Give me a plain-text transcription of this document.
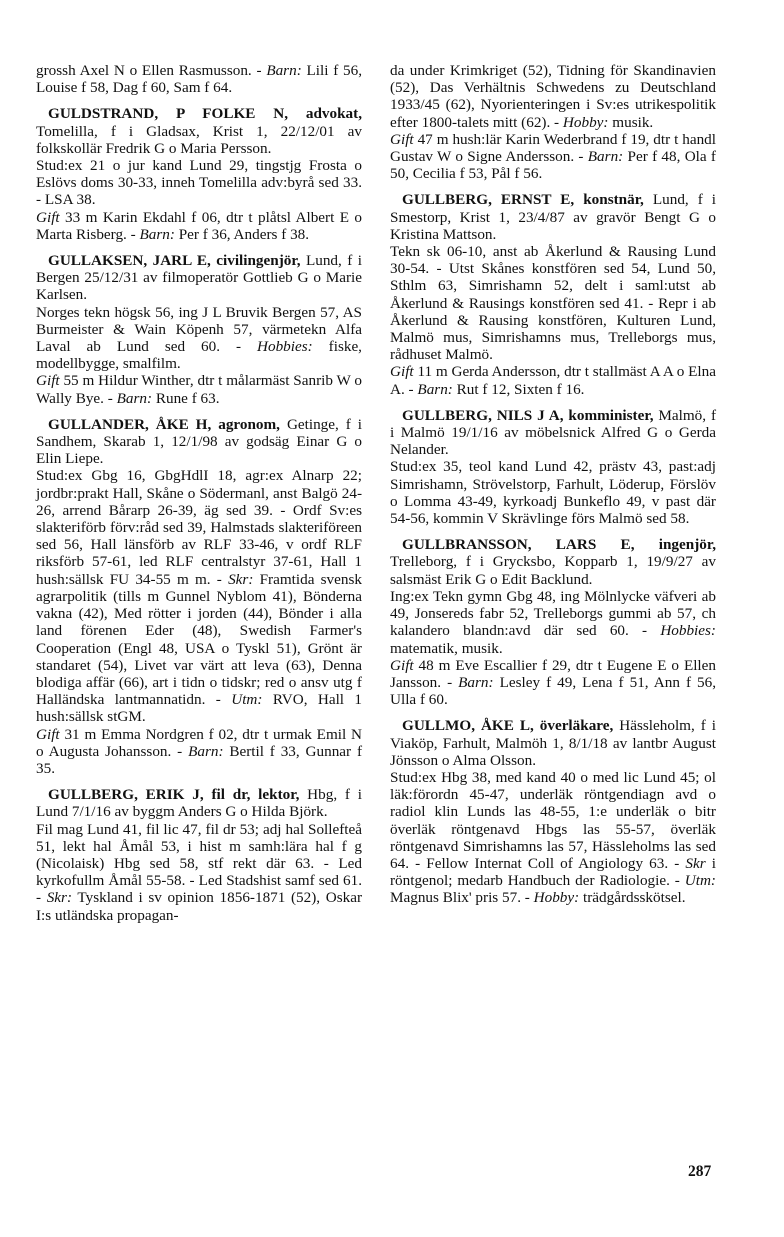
grossh Axel N o Ellen Rasmusson. - Barn: Lili f 56, Louise f 58, Dag f 60, Sam f 64.

GULDSTRAND, P FOLKE N, advokat, Tomelilla, f i Gladsax, Krist 1, 22/12/01 av folkskollär Fredrik G o Maria Persson.

Stud:ex 21 o jur kand Lund 29, tingstjg Frosta o Eslövs doms 30-33, inneh Tomelilla adv:byrå sed 33. - LSA 38.

Gift 33 m Karin Ekdahl f 06, dtr t plåtsl Albert E o Marta Risberg. - Barn: Per f 36, Anders f 38.

GULLAKSEN, JARL E, civilingenjör, Lund, f i Bergen 25/12/31 av filmoperatör Gottlieb G o Marie Karlsen.

Norges tekn högsk 56, ing J L Bruvik Bergen 57, AS Burmeister & Wain Köpenh 57, värmetekn Alfa Laval ab Lund sed 60. - Hobbies: fiske, modellbygge, smalfilm.

Gift 55 m Hildur Winther, dtr t målarmäst Sanrib W o Wally Bye. - Barn: Rune f 63.

GULLANDER, ÅKE H, agronom, Getinge, f i Sandhem, Skarab 1, 12/1/98 av godsäg Einar G o Elin Liepe.

Stud:ex Gbg 16, GbgHdlI 18, agr:ex Alnarp 22; jordbr:prakt Hall, Skåne o Södermanl, anst Balgö 24-26, arrend Bårarp 26-39, äg sed 39. - Ordf Sv:es slakteriförb förv:råd sed 39, Halmstads slakteriföreen sed 56, Hall länsförb av RLF 33-46, v ordf RLF riksförb 57-61, led RLF centralstyr 37-61, Hall 1 hush:sällsk FU 34-55 m m. - Skr: Framtida svensk agrarpolitik (tills m Gunnel Nyblom 41), Bönderna vakna (42), Med rötter i jorden (44), Bönder i alla land förenen Eder (48), Swedish Farmer's Cooperation (Engl 48, USA o Tyskl 51), Grönt är standaret (54), Livet var värt att leva (63), Denna blodiga affär (66), art i tidn o tidskr; red o ansv utg f Halländska lantmannatidn. - Utm: RVO, Hall 1 hush:sällsk stGM.

Gift 31 m Emma Nordgren f 02, dtr t urmak Emil N o Augusta Johansson. - Barn: Bertil f 33, Gunnar f 35.

GULLBERG, ERIK J, fil dr, lektor, Hbg, f i Lund 7/1/16 av byggm Anders G o Hilda Björk.

Fil mag Lund 41, fil lic 47, fil dr 53; adj hal Sollefteå 51, lekt hal Åmål 53, i hist m samh:lära hal f g (Nicolaisk) Hbg sed 58, stf rekt där 63. - Led kyrkofullm Åmål 55-58. - Led Stadshist samf sed 61. - Skr: Tyskland i sv opinion 1856-1871 (52), Oskar I:s utländska propagan-

da under Krimkriget (52), Tidning för Skandinavien (52), Das Verhältnis Schwedens zu Deutschland 1933/45 (62), Nyorienteringen i Sv:es utrikespolitik efter 1800-talets mitt (62). - Hobby: musik.

Gift 47 m hush:lär Karin Wederbrand f 19, dtr t handl Gustav W o Signe Andersson. - Barn: Per f 48, Ola f 50, Cecilia f 53, Pål f 56.

GULLBERG, ERNST E, konstnär, Lund, f i Smestorp, Krist 1, 23/4/87 av gravör Bengt G o Kristina Mattson.

Tekn sk 06-10, anst ab Åkerlund & Rausing Lund 30-54. - Utst Skånes konstfören sed 54, Lund 50, Sthlm 63, Simrishamn 52, delt i saml:utst ab Åkerlund & Rausings konstfören sed 41. - Repr i ab Åkerlund & Rausing konstfören, Kulturen Lund, Malmö mus, Simrishamns mus, Trelleborgs mus, rådhuset Malmö.

Gift 11 m Gerda Andersson, dtr t stallmäst A A o Elna A. - Barn: Rut f 12, Sixten f 16.

GULLBERG, NILS J A, komminister, Malmö, f i Malmö 19/1/16 av möbelsnick Alfred G o Gerda Nelander.

Stud:ex 35, teol kand Lund 42, prästv 43, past:adj Simrishamn, Strövelstorp, Farhult, Löderup, Förslöv o Lomma 43-49, kyrkoadj Bunkeflo 49, v past där 54-56, kommin V Skrävlinge förs Malmö sed 58.

GULLBRANSSON, LARS E, ingenjör, Trelleborg, f i Grycksbo, Kopparb 1, 19/9/27 av salsmäst Erik G o Edit Backlund.

Ing:ex Tekn gymn Gbg 48, ing Mölnlycke väfveri ab 49, Jonsereds fabr 52, Trelleborgs gummi ab 57, ch kalandero blandn:avd där sed 60. - Hobbies: matematik, musik.

Gift 48 m Eve Escallier f 29, dtr t Eugene E o Ellen Jansson. - Barn: Lesley f 49, Lena f 51, Ann f 56, Ulla f 60.

GULLMO, ÅKE L, överläkare, Hässleholm, f i Viaköp, Farhult, Malmöh 1, 8/1/18 av lantbr August Jönsson o Alma Olsson.

Stud:ex Hbg 38, med kand 40 o med lic Lund 45; ol läk:förordn 45-47, underläk röntgendiagn avd o radiol klin Lunds las 48-55, 1:e underläk o bitr överläk röntgenavd Hbgs las 55-57, överläk röntgenavd Simrishamns las 57, Hässleholms las sed 64. - Fellow Internat Coll of Angiology 63. - Skr i röntgenol; medarb Handbuch der Radiologie. - Utm: Magnus Blix' pris 57. - Hobby: trädgårdsskötsel.

287
